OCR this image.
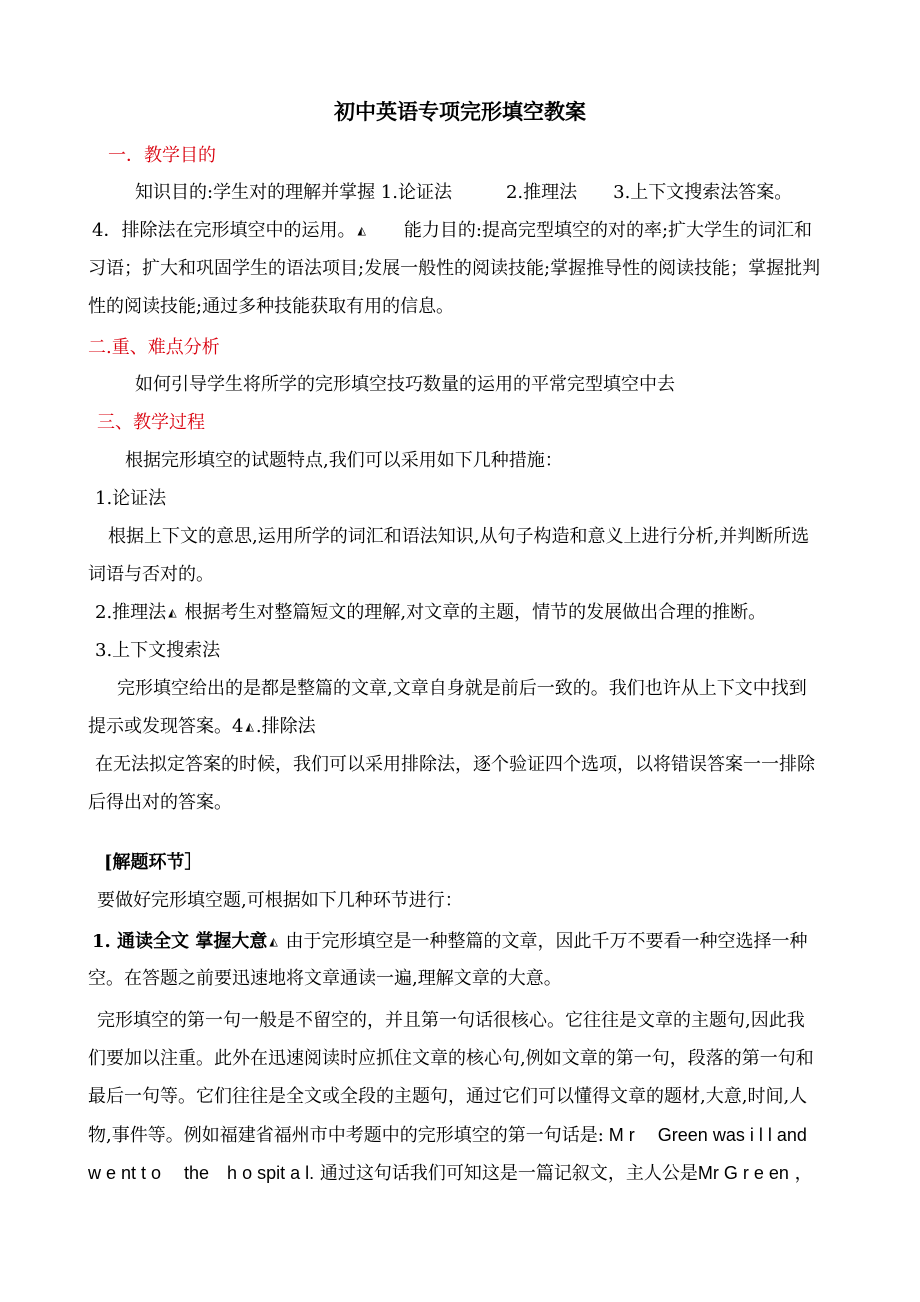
初中英语专项完形填空教案
一．教学目的
知识目的:学生对的理解并掌握 1.论证法　　　2.推理法　　3.上下文搜索法答案。
4．排除法在完形填空中的运用。 ◭　　能力目的:提高完型填空的对的率;扩大学生的词汇和
习语；扩大和巩固学生的语法项目;发展一般性的阅读技能;掌握推导性的阅读技能；掌握批判
性的阅读技能;通过多种技能获取有用的信息。
二.重、难点分析
如何引导学生将所学的完形填空技巧数量的运用的平常完型填空中去
三、教学过程
根据完形填空的试题特点,我们可以采用如下几种措施：
1.论证法
根据上下文的意思,运用所学的词汇和语法知识,从句子构造和意义上进行分析,并判断所选
词语与否对的。
2.推理法 ◭ 根据考生对整篇短文的理解,对文章的主题，情节的发展做出合理的推断。
3.上下文搜索法
完形填空给出的是都是整篇的文章,文章自身就是前后一致的。我们也许从上下文中找到
提示或发现答案。4 ◭ .排除法
在无法拟定答案的时候，我们可以采用排除法，逐个验证四个选项，以将错误答案一一排除
后得出对的答案。
[解题环节］
要做好完形填空题,可根据如下几种环节进行：
1. 通读全文 掌握大意 ◭ 由于完形填空是一种整篇的文章，因此千万不要看一种空选择一种
空。在答题之前要迅速地将文章通读一遍,理解文章的大意。
完形填空的第一句一般是不留空的，并且第一句话很核心。它往往是文章的主题句,因此我
们要加以注重。此外在迅速阅读时应抓住文章的核心句,例如文章的第一句，段落的第一句和
最后一句等。它们往往是全文或全段的主题句，通过它们可以懂得文章的题材,大意,时间,人
物,事件等。例如福建省福州市中考题中的完形填空的第一句话是: M r　 Green was i l l and
w e nt t o　 the　h o spit a l. 通过这句话我们可知这是一篇记叙文，主人公是Mr G r e en ，
